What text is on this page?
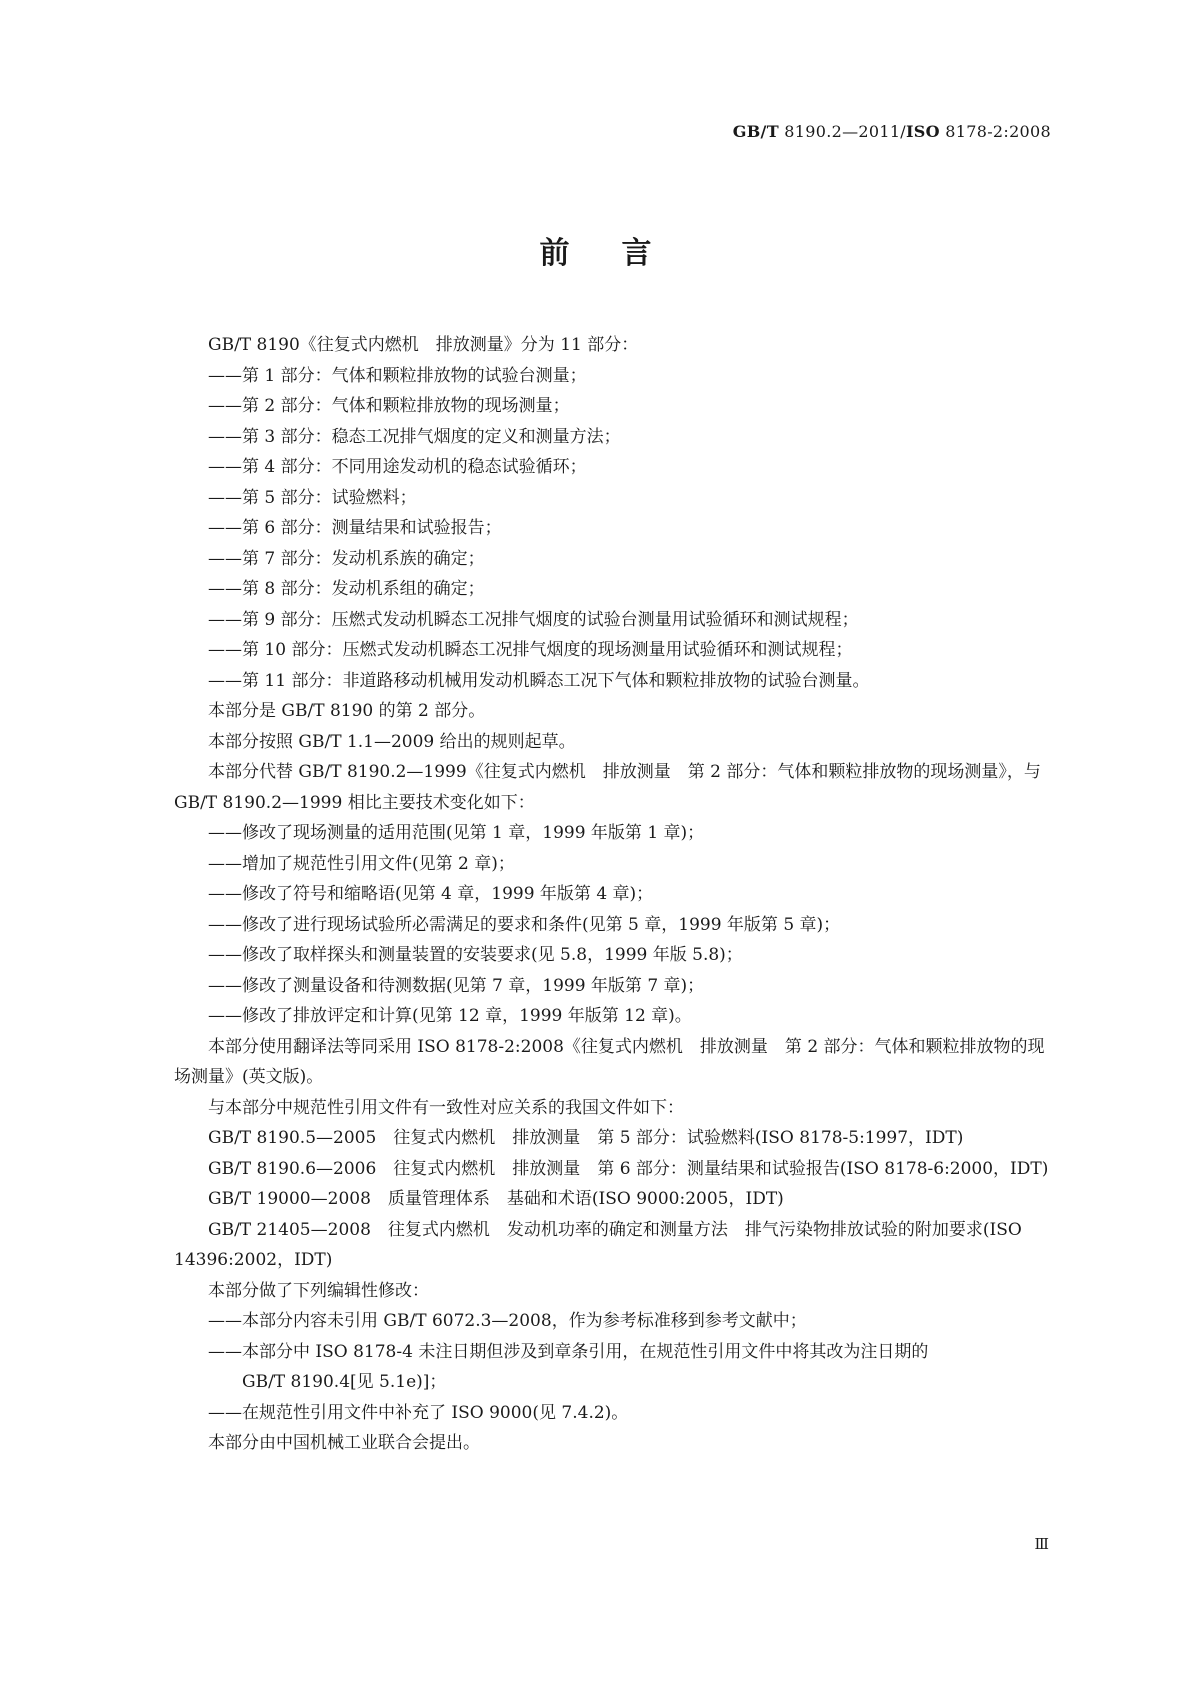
GB/T 8190.2—2011/ISO 8178-2:2008
前言
GB/T 8190《往复式内燃机　排放测量》分为 11 部分：
——第 1 部分：气体和颗粒排放物的试验台测量；
——第 2 部分：气体和颗粒排放物的现场测量；
——第 3 部分：稳态工况排气烟度的定义和测量方法；
——第 4 部分：不同用途发动机的稳态试验循环；
——第 5 部分：试验燃料；
——第 6 部分：测量结果和试验报告；
——第 7 部分：发动机系族的确定；
——第 8 部分：发动机系组的确定；
——第 9 部分：压燃式发动机瞬态工况排气烟度的试验台测量用试验循环和测试规程；
——第 10 部分：压燃式发动机瞬态工况排气烟度的现场测量用试验循环和测试规程；
——第 11 部分：非道路移动机械用发动机瞬态工况下气体和颗粒排放物的试验台测量。
本部分是 GB/T 8190 的第 2 部分。
本部分按照 GB/T 1.1—2009 给出的规则起草。
本部分代替 GB/T 8190.2—1999《往复式内燃机　排放测量　第 2 部分：气体和颗粒排放物的现场测量》，与 GB/T 8190.2—1999 相比主要技术变化如下：
——修改了现场测量的适用范围(见第 1 章，1999 年版第 1 章)；
——增加了规范性引用文件(见第 2 章)；
——修改了符号和缩略语(见第 4 章，1999 年版第 4 章)；
——修改了进行现场试验所必需满足的要求和条件(见第 5 章，1999 年版第 5 章)；
——修改了取样探头和测量装置的安装要求(见 5.8，1999 年版 5.8)；
——修改了测量设备和待测数据(见第 7 章，1999 年版第 7 章)；
——修改了排放评定和计算(见第 12 章，1999 年版第 12 章)。
本部分使用翻译法等同采用 ISO 8178-2:2008《往复式内燃机　排放测量　第 2 部分：气体和颗粒排放物的现场测量》(英文版)。
与本部分中规范性引用文件有一致性对应关系的我国文件如下：
GB/T 8190.5—2005　往复式内燃机　排放测量　第 5 部分：试验燃料(ISO 8178-5:1997，IDT)
GB/T 8190.6—2006　往复式内燃机　排放测量　第 6 部分：测量结果和试验报告(ISO 8178-6:2000，IDT)
GB/T 19000—2008　质量管理体系　基础和术语(ISO 9000:2005，IDT)
GB/T 21405—2008　往复式内燃机　发动机功率的确定和测量方法　排气污染物排放试验的附加要求(ISO 14396:2002，IDT)
本部分做了下列编辑性修改：
——本部分内容未引用 GB/T 6072.3—2008，作为参考标准移到参考文献中；
——本部分中 ISO 8178-4 未注日期但涉及到章条引用，在规范性引用文件中将其改为注日期的
GB/T 8190.4[见 5.1e)]；
——在规范性引用文件中补充了 ISO 9000(见 7.4.2)。
本部分由中国机械工业联合会提出。
Ⅲ
